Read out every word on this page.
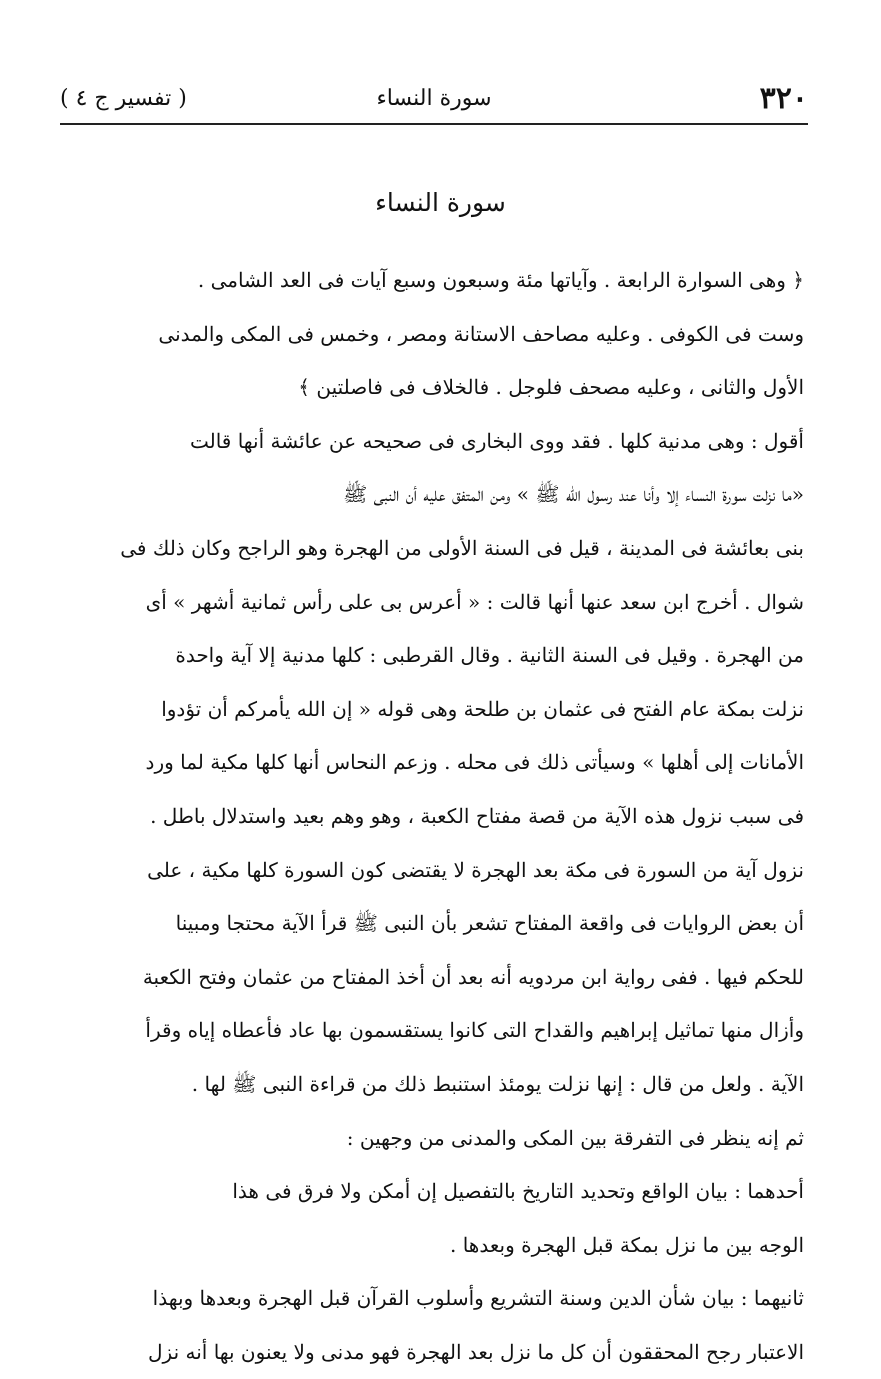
( تفسير ج ٤ )	سورة النساء	٣٢٠
سورة النساء
﴿ وهى السوارة الرابعة . وآياتها مئة وسبعون وسبع آيات فى العد الشامى .
وست فى الكوفى . وعليه مصاحف الاستانة ومصر ، وخمس فى المكى والمدنى
الأول والثانى ، وعليه مصحف فلوجل . فالخلاف فى فاصلتين ﴾
أقول : وهى مدنية كلها . فقد ووى البخارى فى صحيحه عن عائشة أنها قالت
«ما نزلت سورة النساء إلا وأنا عند رسول الله ﷺ » ومن المتفق عليه أن النبى ﷺ
بنى بعائشة فى المدينة ، قيل فى السنة الأولى من الهجرة وهو الراجح وكان ذلك فى
شوال . أخرج ابن سعد عنها أنها قالت : « أعرس بى على رأس ثمانية أشهر » أى
من الهجرة . وقيل فى السنة الثانية . وقال القرطبى : كلها مدنية إلا آية واحدة
نزلت بمكة عام الفتح فى عثمان بن طلحة وهى قوله « إن الله يأمركم أن تؤدوا
الأمانات إلى أهلها » وسيأتى ذلك فى محله . وزعم النحاس أنها كلها مكية لما ورد
فى سبب نزول هذه الآية من قصة مفتاح الكعبة ، وهو وهم بعيد واستدلال باطل .
نزول آية من السورة فى مكة بعد الهجرة لا يقتضى كون السورة كلها مكية ، على
أن بعض الروايات فى واقعة المفتاح تشعر بأن النبى ﷺ قرأ الآية محتجا ومبينا
للحكم فيها . ففى رواية ابن مردويه أنه بعد أن أخذ المفتاح من عثمان وفتح الكعبة
وأزال منها تماثيل إبراهيم والقداح التى كانوا يستقسمون بها عاد فأعطاه إياه وقرأ
الآية . ولعل من قال : إنها نزلت يومئذ استنبط ذلك من قراءة النبى ﷺ لها .
ثم إنه ينظر فى التفرقة بين المكى والمدنى من وجهين :
أحدهما : بيان الواقع وتحديد التاريخ بالتفصيل إن أمكن ولا فرق فى هذا
الوجه بين ما نزل بمكة قبل الهجرة وبعدها .
ثانيهما : بيان شأن الدين وسنة التشريع وأسلوب القرآن قبل الهجرة وبعدها وبهذا
الاعتبار رجح المحققون أن كل ما نزل بعد الهجرة فهو مدنى ولا يعنون بها أنه نزل
